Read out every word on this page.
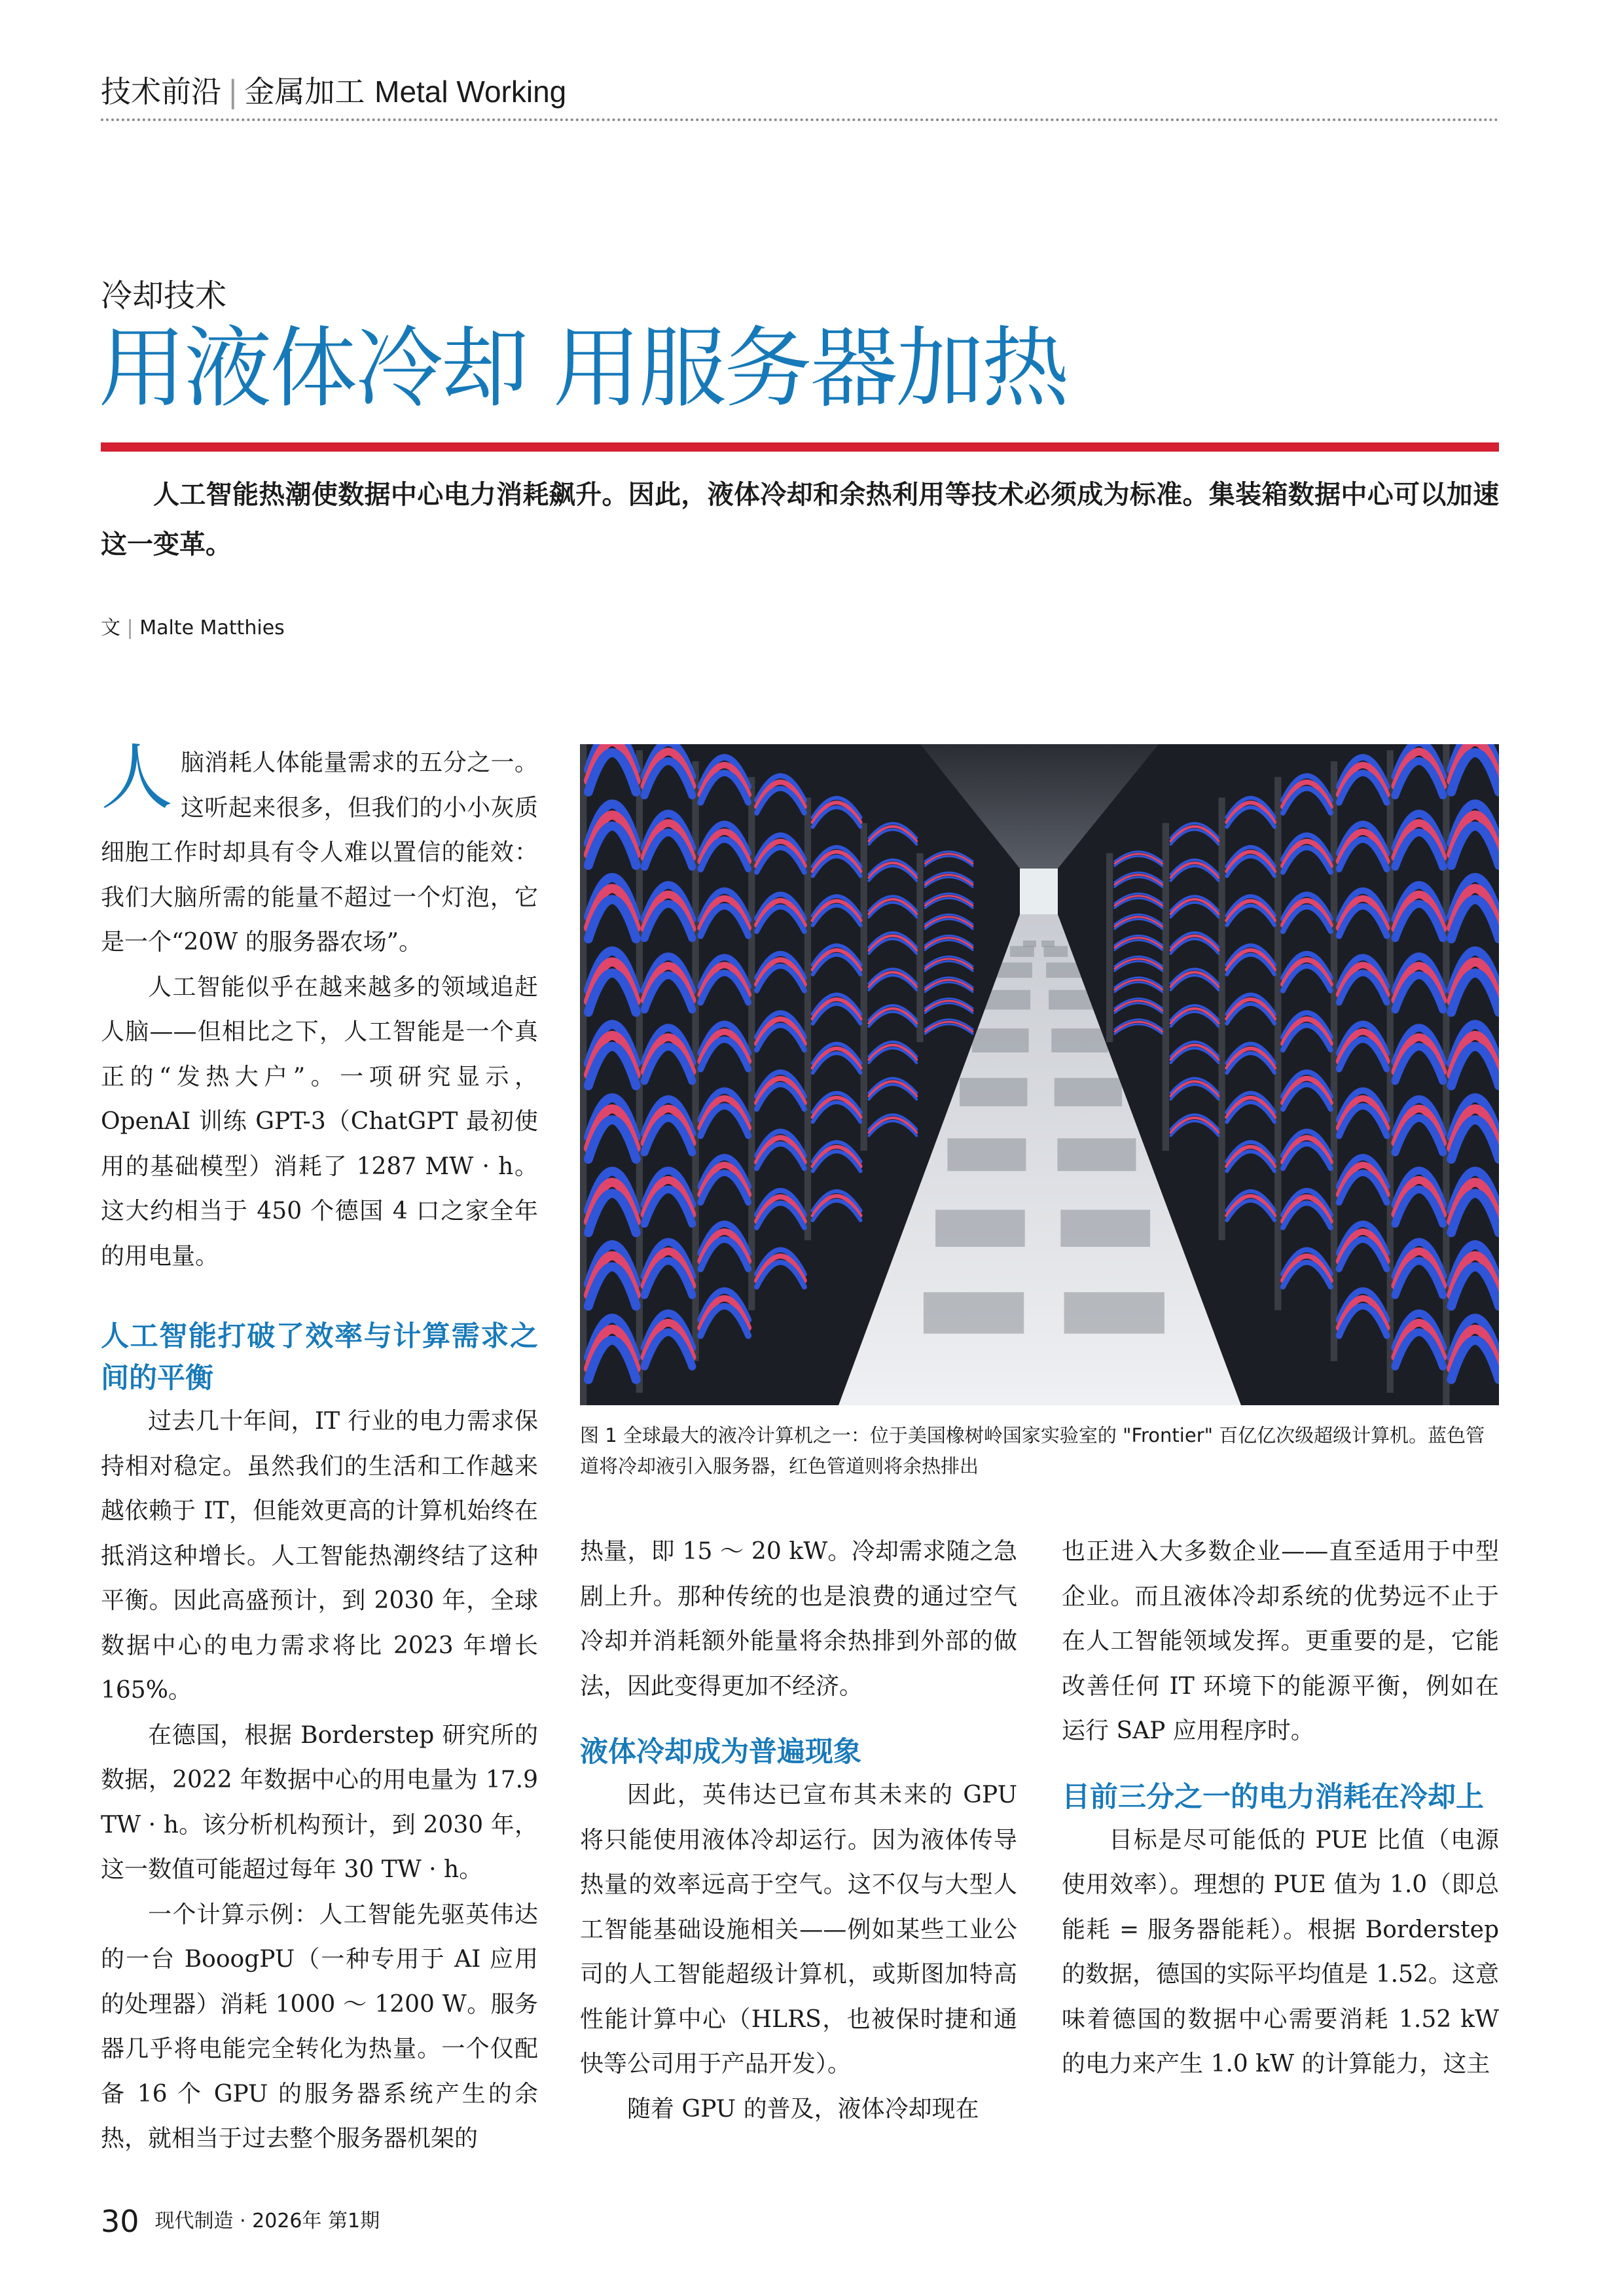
技术前沿 | 金属加工 Metal Working
冷却技术
用液体冷却 用服务器加热
人工智能热潮使数据中心电力消耗飙升。因此，液体冷却和余热利用等技术必须成为标准。集装箱数据中心可以加速这一变革。
文 | Malte Matthies

人脑消耗人体能量需求的五分之一。这听起来很多，但我们的小小灰质细胞工作时却具有令人难以置信的能效：我们大脑所需的能量不超过一个灯泡，它是一个“20W 的服务器农场”。

人工智能似乎在越来越多的领域追赶人脑——但相比之下，人工智能是一个真正的“发热大户”。一项研究显示，OpenAI 训练 GPT-3（ChatGPT 最初使用的基础模型）消耗了 1287 MW · h。这大约相当于 450 个德国 4 口之家全年的用电量。

人工智能打破了效率与计算需求之间的平衡

过去几十年间，IT 行业的电力需求保持相对稳定。虽然我们的生活和工作越来越依赖于 IT，但能效更高的计算机始终在抵消这种增长。人工智能热潮终结了这种平衡。因此高盛预计，到 2030 年，全球数据中心的电力需求将比 2023 年增长 165%。

在德国，根据 Borderstep 研究所的数据，2022 年数据中心的用电量为 17.9 TW · h。该分析机构预计，到 2030 年，这一数值可能超过每年 30 TW · h。

一个计算示例：人工智能先驱英伟达的一台 BooogPU（一种专用于 AI 应用的处理器）消耗 1000 ～ 1200 W。服务器几乎将电能完全转化为热量。一个仅配备 16 个 GPU 的服务器系统产生的余热，就相当于过去整个服务器机架的

图 1 全球最大的液冷计算机之一：位于美国橡树岭国家实验室的 "Frontier" 百亿亿次级超级计算机。蓝色管道将冷却液引入服务器，红色管道则将余热排出

热量，即 15 ～ 20 kW。冷却需求随之急剧上升。那种传统的也是浪费的通过空气冷却并消耗额外能量将余热排到外部的做法，因此变得更加不经济。

液体冷却成为普遍现象

因此，英伟达已宣布其未来的 GPU 将只能使用液体冷却运行。因为液体传导热量的效率远高于空气。这不仅与大型人工智能基础设施相关——例如某些工业公司的人工智能超级计算机，或斯图加特高性能计算中心（HLRS，也被保时捷和通快等公司用于产品开发）。

随着 GPU 的普及，液体冷却现在

也正进入大多数企业——直至适用于中型企业。而且液体冷却系统的优势远不止于在人工智能领域发挥。更重要的是，它能改善任何 IT 环境下的能源平衡，例如在运行 SAP 应用程序时。

目前三分之一的电力消耗在冷却上

目标是尽可能低的 PUE 比值（电源使用效率）。理想的 PUE 值为 1.0（即总能耗 = 服务器能耗）。根据 Borderstep 的数据，德国的实际平均值是 1.52。这意味着德国的数据中心需要消耗 1.52 kW 的电力来产生 1.0 kW 的计算能力，这主

30 现代制造 · 2026年 第1期
